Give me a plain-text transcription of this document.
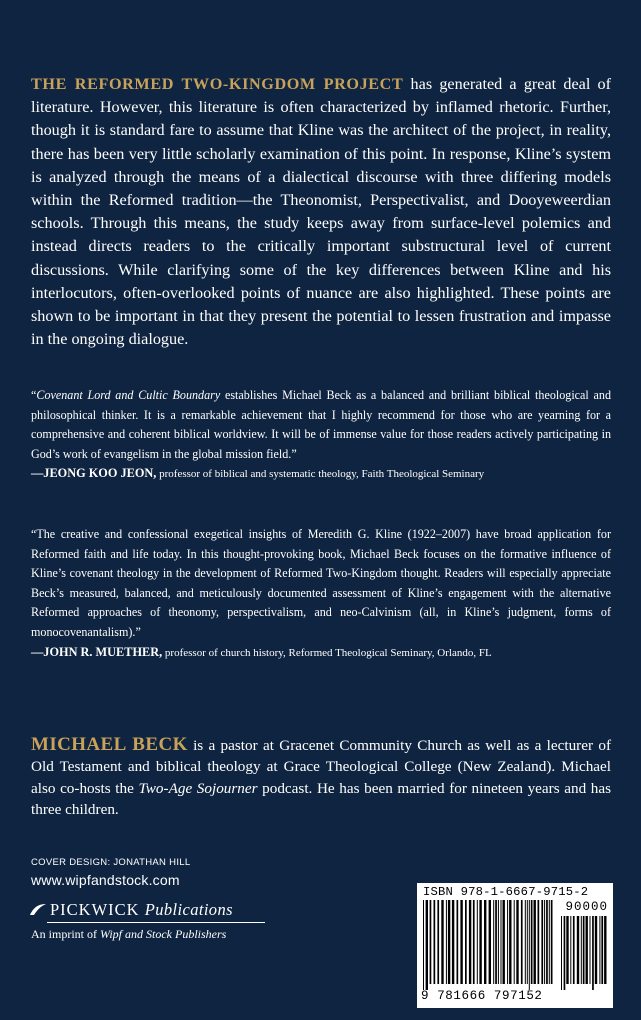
THE REFORMED TWO-KINGDOM PROJECT has generated a great deal of literature. However, this literature is often characterized by inflamed rhetoric. Further, though it is standard fare to assume that Kline was the architect of the project, in reality, there has been very little scholarly examination of this point. In response, Kline’s system is analyzed through the means of a dialectical discourse with three differing models within the Reformed tradition—the Theonomist, Perspectivalist, and Dooyeweerdian schools. Through this means, the study keeps away from surface-level polemics and instead directs readers to the critically important substructural level of current discussions. While clarifying some of the key differences between Kline and his interlocutors, often-overlooked points of nuance are also highlighted. These points are shown to be important in that they present the potential to lessen frustration and impasse in the ongoing dialogue.
“Covenant Lord and Cultic Boundary establishes Michael Beck as a balanced and brilliant biblical theological and philosophical thinker. It is a remarkable achievement that I highly recommend for those who are yearning for a comprehensive and coherent biblical worldview. It will be of immense value for those readers actively participating in God’s work of evangelism in the global mission field.”
—JEONG KOO JEON, professor of biblical and systematic theology, Faith Theological Seminary
“The creative and confessional exegetical insights of Meredith G. Kline (1922–2007) have broad application for Reformed faith and life today. In this thought-provoking book, Michael Beck focuses on the formative influence of Kline’s covenant theology in the development of Reformed Two-Kingdom thought. Readers will especially appreciate Beck’s measured, balanced, and meticulously documented assessment of Kline’s engagement with the alternative Reformed approaches of theonomy, perspectivalism, and neo-Calvinism (all, in Kline’s judgment, forms of monocovenantalism).”
—JOHN R. MUETHER, professor of church history, Reformed Theological Seminary, Orlando, FL
MICHAEL BECK is a pastor at Gracenet Community Church as well as a lecturer of Old Testament and biblical theology at Grace Theological College (New Zealand). Michael also co-hosts the Two-Age Sojourner podcast. He has been married for nineteen years and has three children.
COVER DESIGN: JONATHAN HILL
www.wipfandstock.com
PICKWICK Publications
An imprint of Wipf and Stock Publishers
ISBN 978-1-6667-9715-2
90000
9 781666 797152
